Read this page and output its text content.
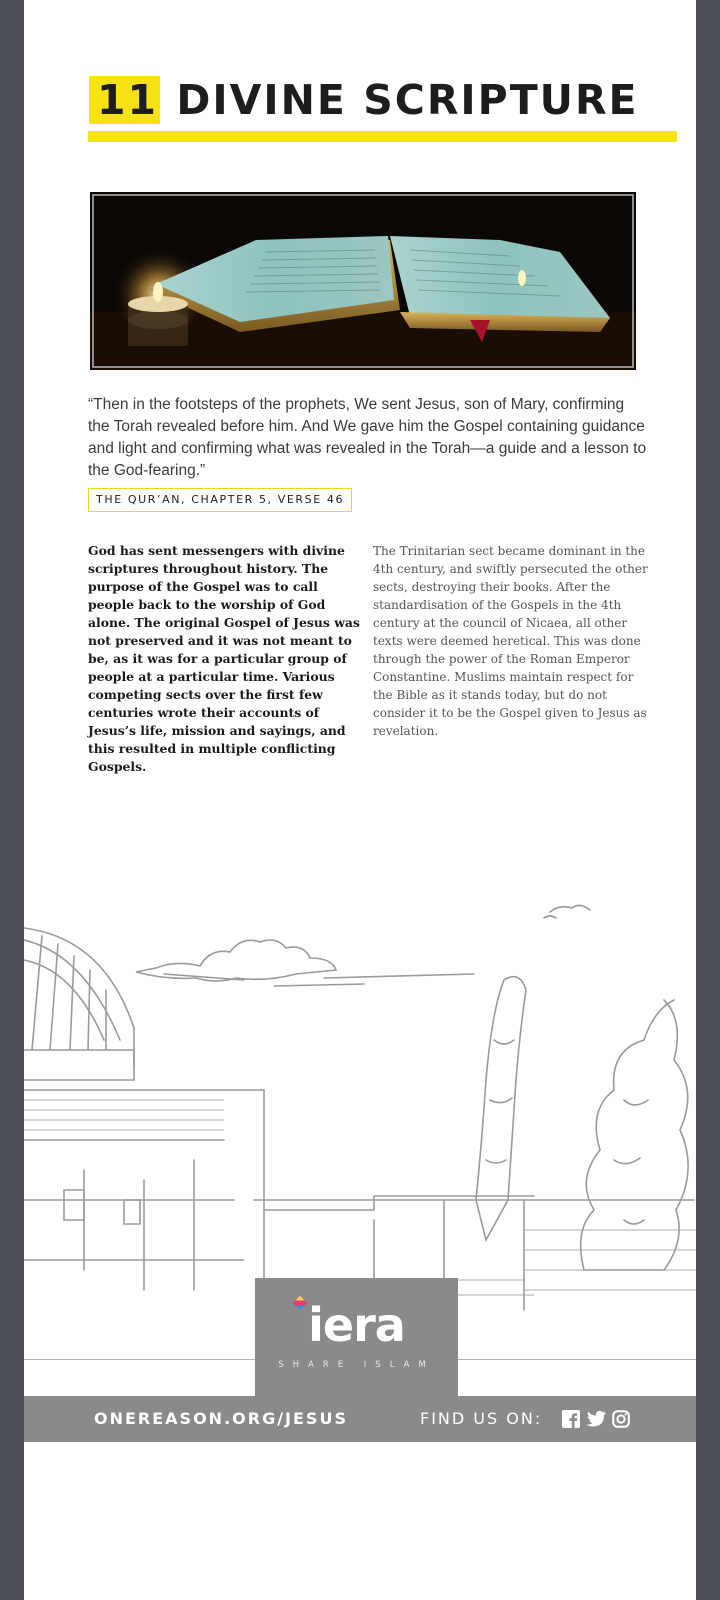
11 DIVINE SCRIPTURE
“Then in the footsteps of the prophets, We sent Jesus, son of Mary, confirming the Torah revealed before him. And We gave him the Gospel containing guidance and light and confirming what was revealed in the Torah—a guide and a lesson to the God-fearing.”
THE QUR’AN, CHAPTER 5, VERSE 46
God has sent messengers with divine scriptures throughout history. The purpose of the Gospel was to call people back to the worship of God alone. The original Gospel of Jesus was not preserved and it was not meant to be, as it was for a particular group of people at a particular time. Various competing sects over the first few centuries wrote their accounts of Jesus’s life, mission and sayings, and this resulted in multiple conflicting Gospels.
The Trinitarian sect became dominant in the 4th century, and swiftly persecuted the other sects, destroying their books. After the standardisation of the Gospels in the 4th century at the council of Nicaea, all other texts were deemed heretical. This was done through the power of the Roman Emperor Constantine. Muslims maintain respect for the Bible as it stands today, but do not consider it to be the Gospel given to Jesus as revelation.
iera
SHARE ISLAM
ONEREASON.ORG/JESUS	FIND US ON:
